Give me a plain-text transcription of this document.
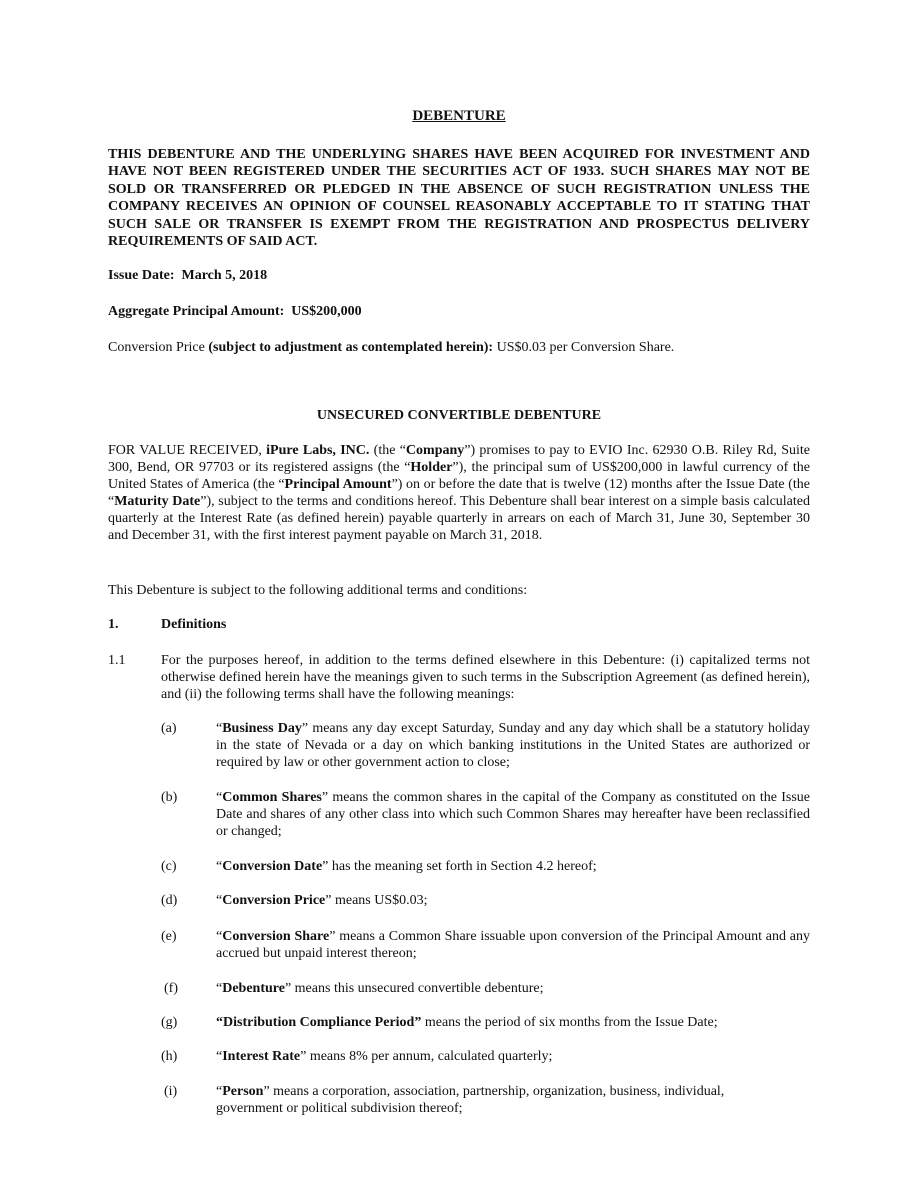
DEBENTURE
THIS DEBENTURE AND THE UNDERLYING SHARES HAVE BEEN ACQUIRED FOR INVESTMENT AND HAVE NOT BEEN REGISTERED UNDER THE SECURITIES ACT OF 1933. SUCH SHARES MAY NOT BE SOLD OR TRANSFERRED OR PLEDGED IN THE ABSENCE OF SUCH REGISTRATION UNLESS THE COMPANY RECEIVES AN OPINION OF COUNSEL REASONABLY ACCEPTABLE TO IT STATING THAT SUCH SALE OR TRANSFER IS EXEMPT FROM THE REGISTRATION AND PROSPECTUS DELIVERY REQUIREMENTS OF SAID ACT.
Issue Date: March 5, 2018
Aggregate Principal Amount: US$200,000
Conversion Price (subject to adjustment as contemplated herein): US$0.03 per Conversion Share.
UNSECURED CONVERTIBLE DEBENTURE
FOR VALUE RECEIVED, iPure Labs, INC. (the “Company”) promises to pay to EVIO Inc. 62930 O.B. Riley Rd, Suite 300, Bend, OR 97703 or its registered assigns (the “Holder”), the principal sum of US$200,000 in lawful currency of the United States of America (the “Principal Amount”) on or before the date that is twelve (12) months after the Issue Date (the “Maturity Date”), subject to the terms and conditions hereof. This Debenture shall bear interest on a simple basis calculated quarterly at the Interest Rate (as defined herein) payable quarterly in arrears on each of March 31, June 30, September 30 and December 31, with the first interest payment payable on March 31, 2018.
This Debenture is subject to the following additional terms and conditions:
1.	Definitions
1.1	For the purposes hereof, in addition to the terms defined elsewhere in this Debenture: (i) capitalized terms not otherwise defined herein have the meanings given to such terms in the Subscription Agreement (as defined herein), and (ii) the following terms shall have the following meanings:
(a)	“Business Day” means any day except Saturday, Sunday and any day which shall be a statutory holiday in the state of Nevada or a day on which banking institutions in the United States are authorized or required by law or other government action to close;
(b)	“Common Shares” means the common shares in the capital of the Company as constituted on the Issue Date and shares of any other class into which such Common Shares may hereafter have been reclassified or changed;
(c)	“Conversion Date” has the meaning set forth in Section 4.2 hereof;
(d)	“Conversion Price” means US$0.03;
(e)	“Conversion Share” means a Common Share issuable upon conversion of the Principal Amount and any accrued but unpaid interest thereon;
(f)	“Debenture” means this unsecured convertible debenture;
(g)	“Distribution Compliance Period” means the period of six months from the Issue Date;
(h)	“Interest Rate” means 8% per annum, calculated quarterly;
(i)	“Person” means a corporation, association, partnership, organization, business, individual, government or political subdivision thereof;
